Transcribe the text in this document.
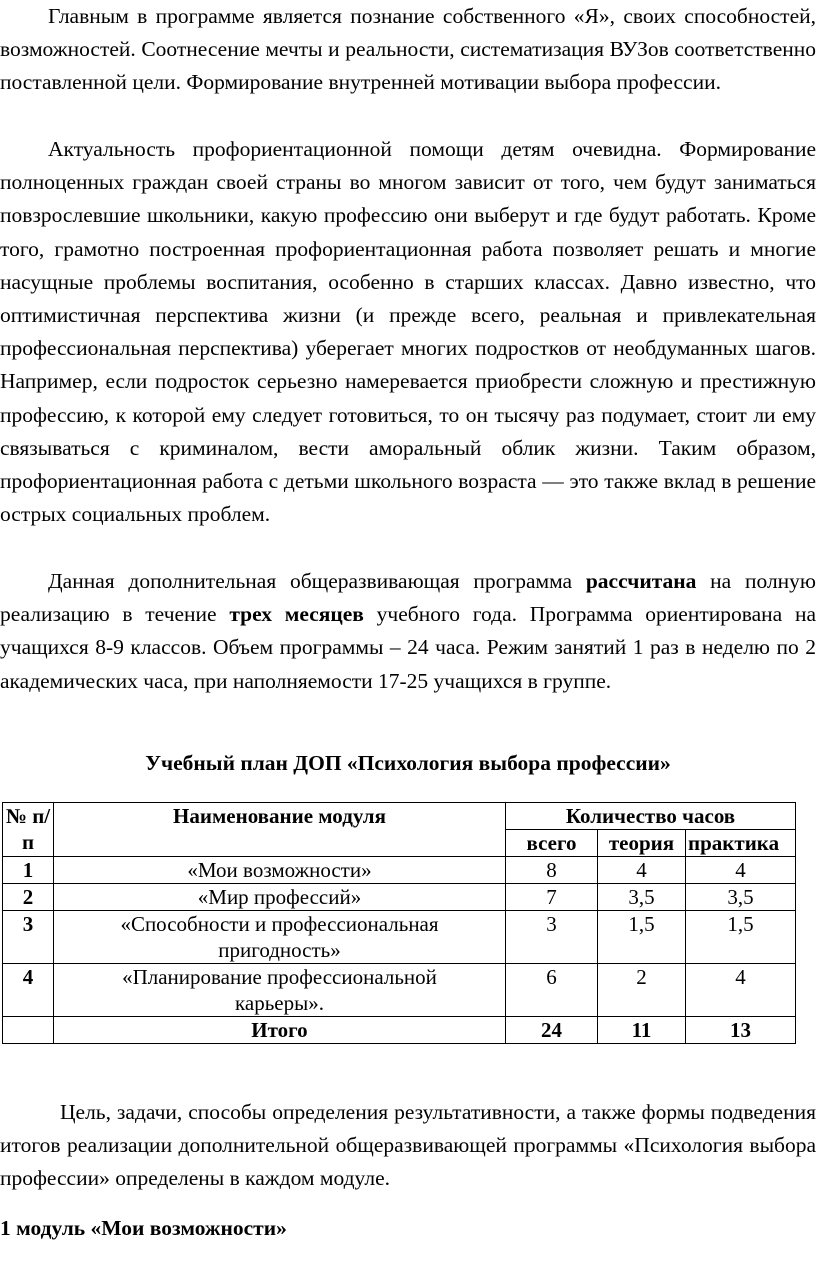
Главным в программе является познание собственного «Я», своих способностей, возможностей. Соотнесение мечты и реальности, систематизация ВУЗов соответственно поставленной цели. Формирование внутренней мотивации выбора профессии.

Актуальность профориентационной помощи детям очевидна. Формирование полноценных граждан своей страны во многом зависит от того, чем будут заниматься повзрослевшие школьники, какую профессию они выберут и где будут работать. Кроме того, грамотно построенная профориентационная работа позволяет решать и многие насущные проблемы воспитания, особенно в старших классах. Давно известно, что оптимистичная перспектива жизни (и прежде всего, реальная и привлекательная профессиональная перспектива) уберегает многих подростков от необдуманных шагов. Например, если подросток серьезно намеревается приобрести сложную и престижную профессию, к которой ему следует готовиться, то он тысячу раз подумает, стоит ли ему связываться с криминалом, вести аморальный облик жизни. Таким образом, профориентационная работа с детьми школьного возраста — это также вклад в решение острых социальных проблем.

Данная дополнительная общеразвивающая программа рассчитана на полную реализацию в течение трех месяцев учебного года. Программа ориентирована на учащихся 8-9 классов. Объем программы – 24 часа. Режим занятий 1 раз в неделю по 2 академических часа, при наполняемости 17-25 учащихся в группе.

Учебный план ДОП «Психология выбора профессии»
№ п/п	Наименование модуля	Количество часов		
		всего	теория	практика
1	«Мои возможности»	8	4	4
2	«Мир профессий»	7	3,5	3,5
3	«Способности и профессиональная пригодность»	3	1,5	1,5
4	«Планирование профессиональной карьеры».	6	2	4
	Итого	24	11	13

Цель, задачи, способы определения результативности, а также формы подведения итогов реализации дополнительной общеразвивающей программы «Психология выбора профессии» определены в каждом модуле.

1 модуль «Мои возможности»
